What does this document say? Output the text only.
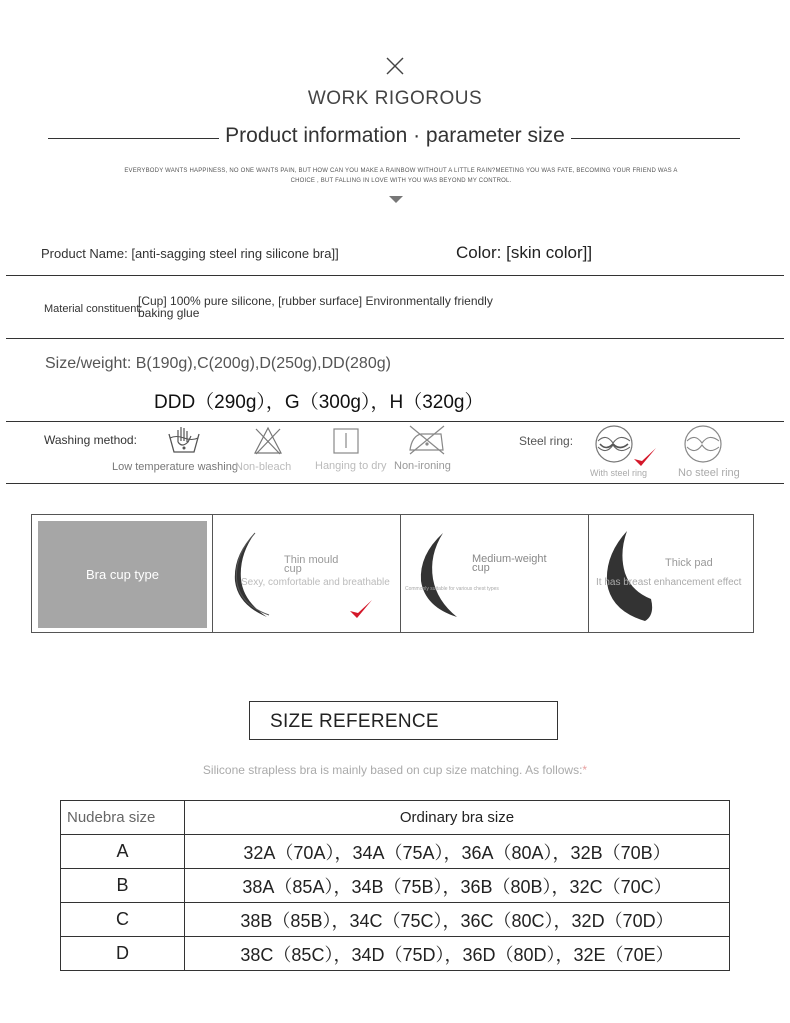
WORK RIGOROUS
Product information · parameter size
EVERYBODY WANTS HAPPINESS, NO ONE WANTS PAIN, BUT HOW CAN YOU MAKE A RAINBOW WITHOUT A LITTLE RAIN?MEETING YOU WAS FATE, BECOMING YOUR FRIEND WAS A CHOICE , BUT FALLING IN LOVE WITH YOU WAS BEYOND MY CONTROL.
Product Name: [anti-sagging steel ring silicone bra]]	Color: [skin color]]
Material constituent:
[Cup] 100% pure silicone, [rubber surface] Environmentally friendly baking glue
Size/weight: B(190g),C(200g),D(250g),DD(280g)
DDD（290g），G（300g），H（320g）
Washing method:
Low temperature washing
Non-bleach Hanging to dry Non-ironing
Steel ring:
With steel ring	No steel ring
Bra cup type
Thin mould cup
Sexy, comfortable and breathable
Medium-weight cup
Commonly suitable for various chest types
Thick pad
It has breast enhancement effect
SIZE REFERENCE
Silicone strapless bra is mainly based on cup size matching. As follows:*
Nudebra size	Ordinary bra size
A	32A（70A），34A（75A），36A（80A），32B（70B）
B	38A（85A），34B（75B），36B（80B），32C（70C）
C	38B（85B），34C（75C），36C（80C），32D（70D）
D	38C（85C），34D（75D），36D（80D），32E（70E）
